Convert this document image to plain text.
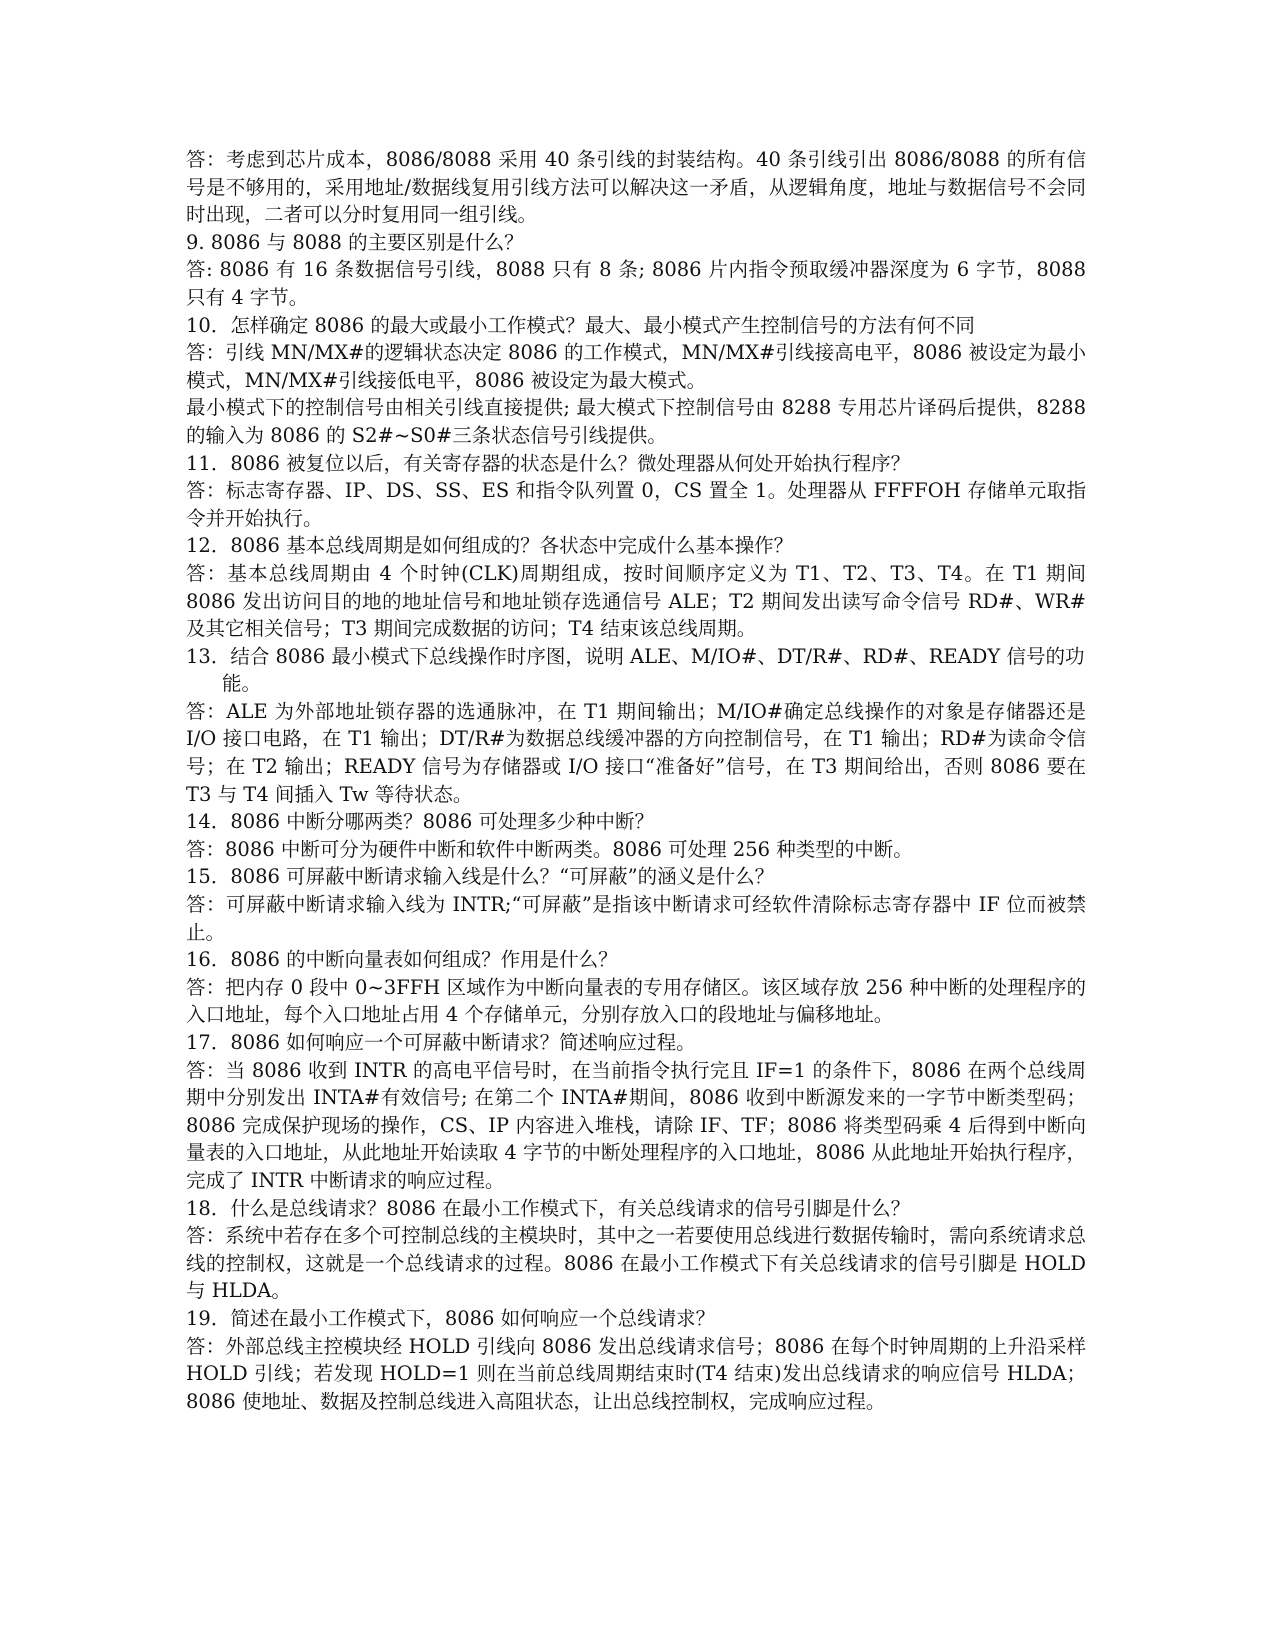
答：考虑到芯片成本，8086/8088 采用 40 条引线的封装结构。40 条引线引出 8086/8088 的所有信号是不够用的，采用地址/数据线复用引线方法可以解决这一矛盾，从逻辑角度，地址与数据信号不会同时出现，二者可以分时复用同一组引线。

9. 8086 与 8088 的主要区别是什么？

答: 8086 有 16 条数据信号引线，8088 只有 8 条; 8086 片内指令预取缓冲器深度为 6 字节，8088 只有 4 字节。

10．怎样确定 8086 的最大或最小工作模式？最大、最小模式产生控制信号的方法有何不同

答：引线 MN/MX#的逻辑状态决定 8086 的工作模式，MN/MX#引线接高电平，8086 被设定为最小模式，MN/MX#引线接低电平，8086 被设定为最大模式。

最小模式下的控制信号由相关引线直接提供; 最大模式下控制信号由 8288 专用芯片译码后提供，8288 的输入为 8086 的 S2#~S0#三条状态信号引线提供。

11．8086 被复位以后，有关寄存器的状态是什么？微处理器从何处开始执行程序？

答：标志寄存器、IP、DS、SS、ES 和指令队列置 0，CS 置全 1。处理器从 FFFFOH 存储单元取指令并开始执行。

12．8086 基本总线周期是如何组成的？各状态中完成什么基本操作？

答：基本总线周期由 4 个时钟(CLK)周期组成，按时间顺序定义为 T1、T2、T3、T4。在 T1 期间 8086 发出访问目的地的地址信号和地址锁存选通信号 ALE；T2 期间发出读写命令信号 RD#、WR#及其它相关信号；T3 期间完成数据的访问；T4 结束该总线周期。

13．结合 8086 最小模式下总线操作时序图，说明 ALE、M/IO#、DT/R#、RD#、READY 信号的功能。

答：ALE 为外部地址锁存器的选通脉冲，在 T1 期间输出；M/IO#确定总线操作的对象是存储器还是 I/O 接口电路，在 T1 输出；DT/R#为数据总线缓冲器的方向控制信号，在 T1 输出；RD#为读命令信号；在 T2 输出；READY 信号为存储器或 I/O 接口“准备好”信号，在 T3 期间给出，否则 8086 要在 T3 与 T4 间插入 Tw 等待状态。

14．8086 中断分哪两类？8086 可处理多少种中断？

答：8086 中断可分为硬件中断和软件中断两类。8086 可处理 256 种类型的中断。

15．8086 可屏蔽中断请求输入线是什么？“可屏蔽”的涵义是什么？

答：可屏蔽中断请求输入线为 INTR;“可屏蔽”是指该中断请求可经软件清除标志寄存器中 IF 位而被禁止。

16．8086 的中断向量表如何组成？作用是什么？

答：把内存 0 段中 0~3FFH 区域作为中断向量表的专用存储区。该区域存放 256 种中断的处理程序的入口地址，每个入口地址占用 4 个存储单元，分别存放入口的段地址与偏移地址。

17．8086 如何响应一个可屏蔽中断请求？简述响应过程。

答：当 8086 收到 INTR 的高电平信号时，在当前指令执行完且 IF=1 的条件下，8086 在两个总线周期中分别发出 INTA#有效信号; 在第二个 INTA#期间，8086 收到中断源发来的一字节中断类型码；8086 完成保护现场的操作，CS、IP 内容进入堆栈，请除 IF、TF；8086 将类型码乘 4 后得到中断向量表的入口地址，从此地址开始读取 4 字节的中断处理程序的入口地址，8086 从此地址开始执行程序，完成了 INTR 中断请求的响应过程。

18．什么是总线请求？8086 在最小工作模式下，有关总线请求的信号引脚是什么？

答：系统中若存在多个可控制总线的主模块时，其中之一若要使用总线进行数据传输时，需向系统请求总线的控制权，这就是一个总线请求的过程。8086 在最小工作模式下有关总线请求的信号引脚是 HOLD 与 HLDA。

19．简述在最小工作模式下，8086 如何响应一个总线请求？

答：外部总线主控模块经 HOLD 引线向 8086 发出总线请求信号；8086 在每个时钟周期的上升沿采样 HOLD 引线；若发现 HOLD=1 则在当前总线周期结束时(T4 结束)发出总线请求的响应信号 HLDA；8086 使地址、数据及控制总线进入高阻状态，让出总线控制权，完成响应过程。
